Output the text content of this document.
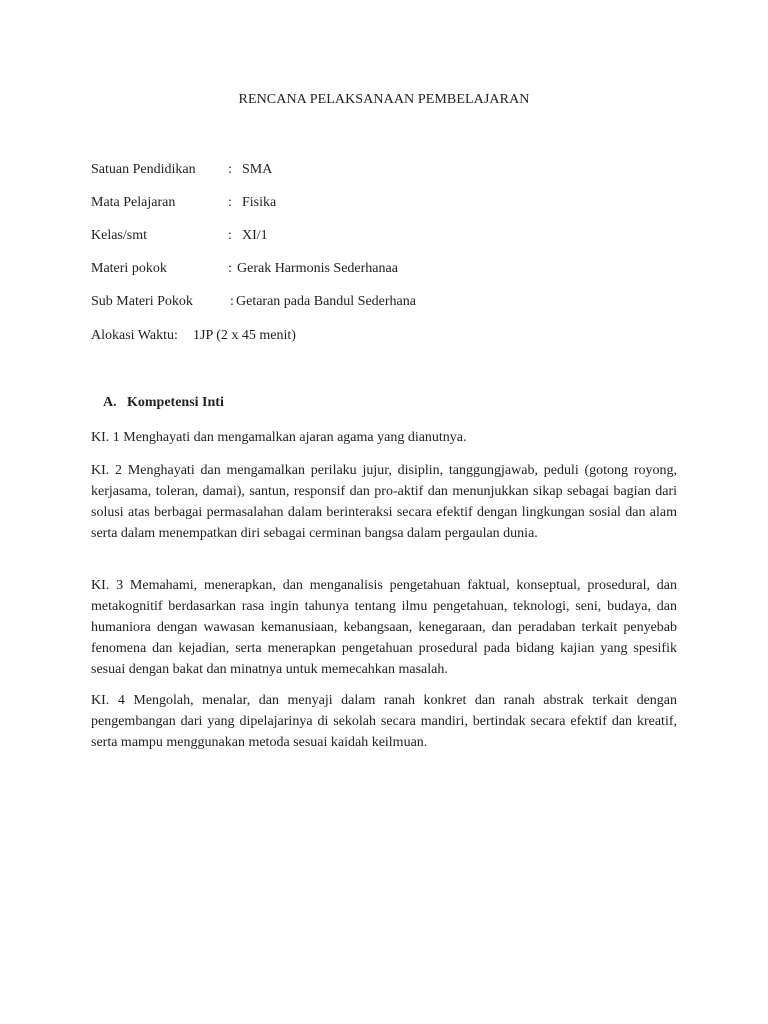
RENCANA PELAKSANAAN PEMBELAJARAN
Satuan Pendidikan : SMA
Mata Pelajaran	: Fisika
Kelas/smt	: XI/1
Materi pokok	: Gerak Harmonis Sederhanaa
Sub Materi Pokok	: Getaran pada Bandul Sederhana
Alokasi Waktu: 1JP (2 x 45 menit)
A. Kompetensi Inti

KI. 1 Menghayati dan mengamalkan ajaran agama yang dianutnya.

KI. 2 Menghayati dan mengamalkan perilaku jujur, disiplin, tanggungjawab, peduli (gotong royong, kerjasama, toleran, damai), santun, responsif dan pro-aktif dan menunjukkan sikap sebagai bagian dari solusi atas berbagai permasalahan dalam berinteraksi secara efektif dengan lingkungan sosial dan alam serta dalam menempatkan diri sebagai cerminan bangsa dalam pergaulan dunia.

KI. 3 Memahami, menerapkan, dan menganalisis pengetahuan faktual, konseptual, prosedural, dan metakognitif berdasarkan rasa ingin tahunya tentang ilmu pengetahuan, teknologi, seni, budaya, dan humaniora dengan wawasan kemanusiaan, kebangsaan, kenegaraan, dan peradaban terkait penyebab fenomena dan kejadian, serta menerapkan pengetahuan prosedural pada bidang kajian yang spesifik sesuai dengan bakat dan minatnya untuk memecahkan masalah.

KI. 4 Mengolah, menalar, dan menyaji dalam ranah konkret dan ranah abstrak terkait dengan pengembangan dari yang dipelajarinya di sekolah secara mandiri, bertindak secara efektif dan kreatif, serta mampu menggunakan metoda sesuai kaidah keilmuan.
